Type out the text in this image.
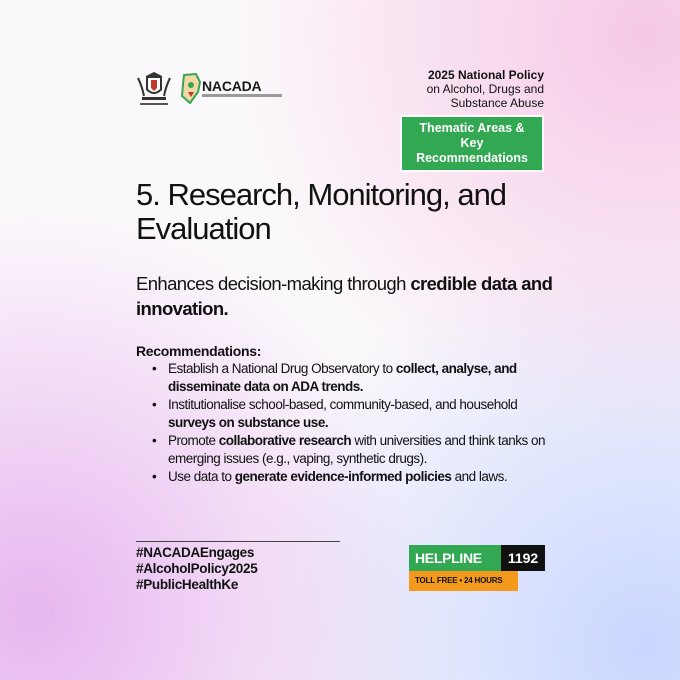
NACADA
2025 National Policy
on Alcohol, Drugs and
Substance Abuse
Thematic Areas & Key
Recommendations
5. Research, Monitoring, and
Evaluation
Enhances decision-making through credible data and innovation.
Recommendations:
• Establish a National Drug Observatory to collect, analyse, and disseminate data on ADA trends.
• Institutionalise school-based, community-based, and household surveys on substance use.
• Promote collaborative research with universities and think tanks on emerging issues (e.g., vaping, synthetic drugs).
• Use data to generate evidence-informed policies and laws.
#NACADAEngages
#AlcoholPolicy2025
#PublicHealthKe
HELPLINE	1192
TOLL FREE • 24 HOURS
